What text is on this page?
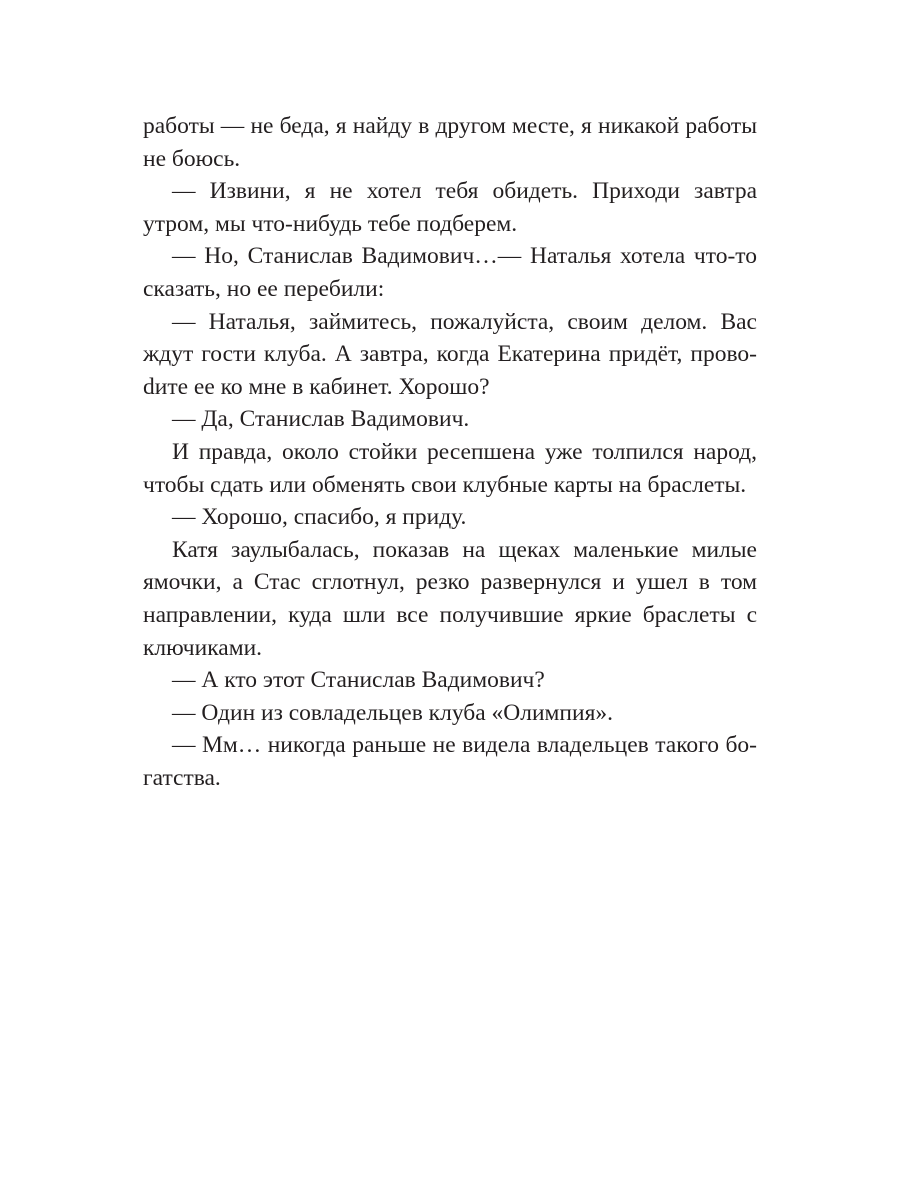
работы — не беда, я найду в другом месте, я никакой работы не боюсь.

— Извини, я не хотел тебя обидеть. Приходи завтра утром, мы что-нибудь тебе подберем.

— Но, Станислав Вадимович…— Наталья хотела что-то сказать, но ее перебили:

— Наталья, займитесь, пожалуйста, своим делом. Вас ждут гости клуба. А завтра, когда Екатерина придёт, провоdите ее ко мне в кабинет. Хорошо?

— Да, Станислав Вадимович.

И правда, около стойки ресепшена уже толпился народ, чтобы сдать или обменять свои клубные карты на браслеты.

— Хорошо, спасибо, я приду.

Катя заулыбалась, показав на щеках маленькие милые ямочки, а Стас сглотнул, резко развернулся и ушел в том направлении, куда шли все получившие яркие браслеты с ключиками.

— А кто этот Станислав Вадимович?

— Один из совладельцев клуба «Олимпия».

— Мм… никогда раньше не видела владельцев такого богатства.
